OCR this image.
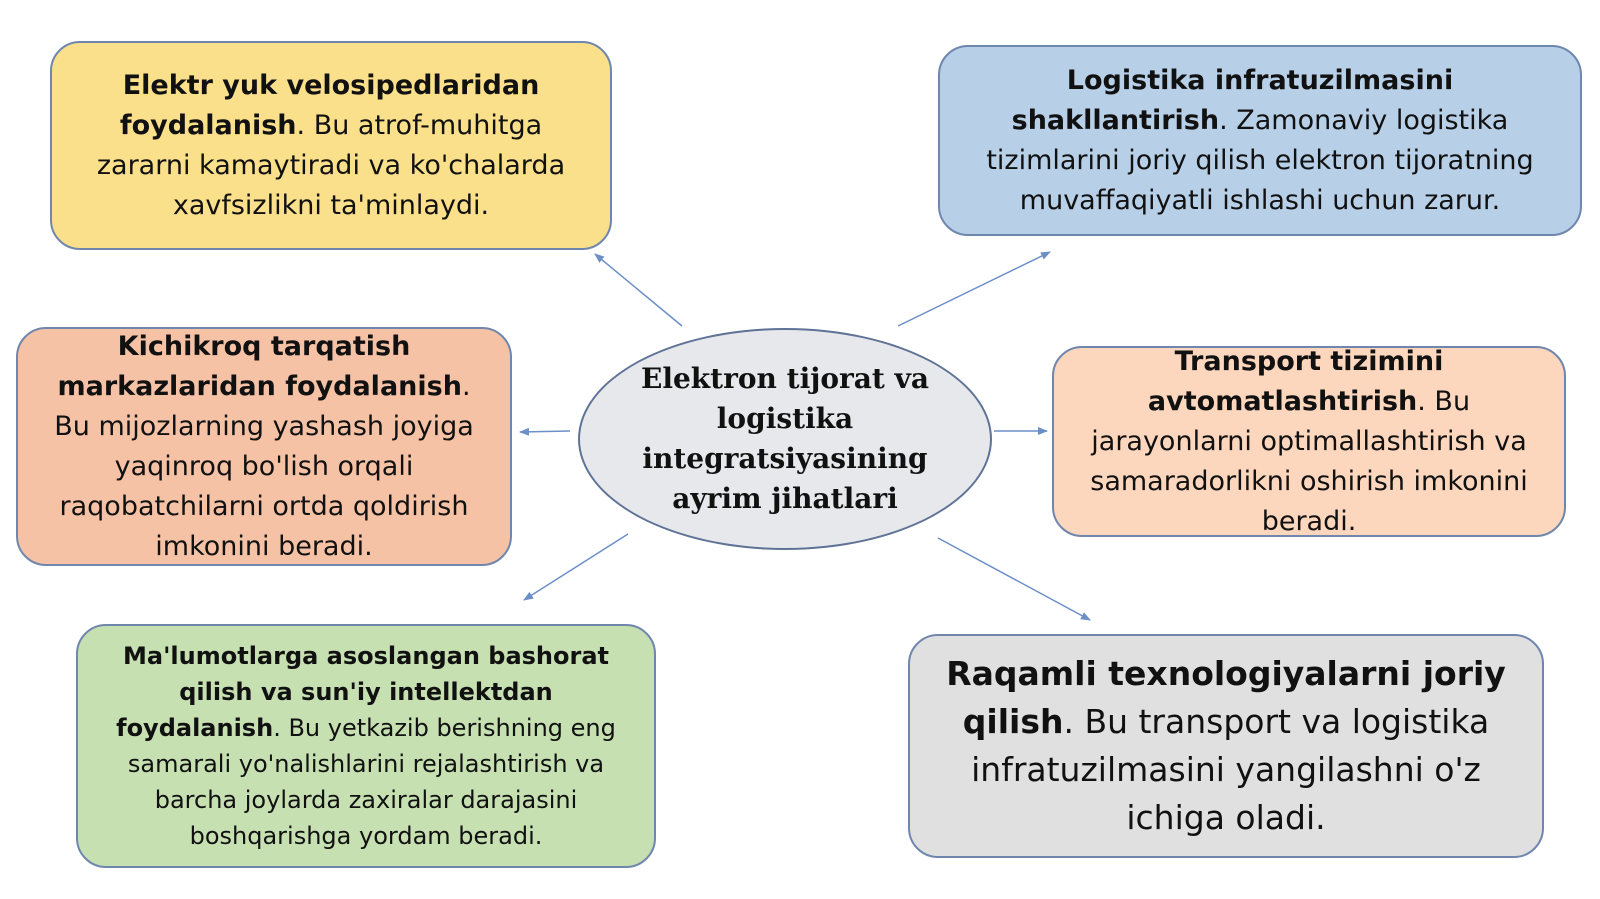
Elektr yuk velosipedlaridan foydalanish. Bu atrof-muhitga zararni kamaytiradi va ko'chalarda xavfsizlikni ta'minlaydi.

Logistika infratuzilmasini shakllantirish. Zamonaviy logistika tizimlarini joriy qilish elektron tijoratning muvaffaqiyatli ishlashi uchun zarur.

Kichikroq tarqatish markazlaridan foydalanish. Bu mijozlarning yashash joyiga yaqinroq bo'lish orqali raqobatchilarni ortda qoldirish imkonini beradi.

Transport tizimini avtomatlashtirish. Bu jarayonlarni optimallashtirish va samaradorlikni oshirish imkonini beradi.

Ma'lumotlarga asoslangan bashorat qilish va sun'iy intellektdan foydalanish. Bu yetkazib berishning eng samarali yo'nalishlarini rejalashtirish va barcha joylarda zaxiralar darajasini boshqarishga yordam beradi.

Raqamli texnologiyalarni joriy qilish. Bu transport va logistika infratuzilmasini yangilashni o'z ichiga oladi.

Elektron tijorat va logistika integratsiyasining ayrim jihatlari
